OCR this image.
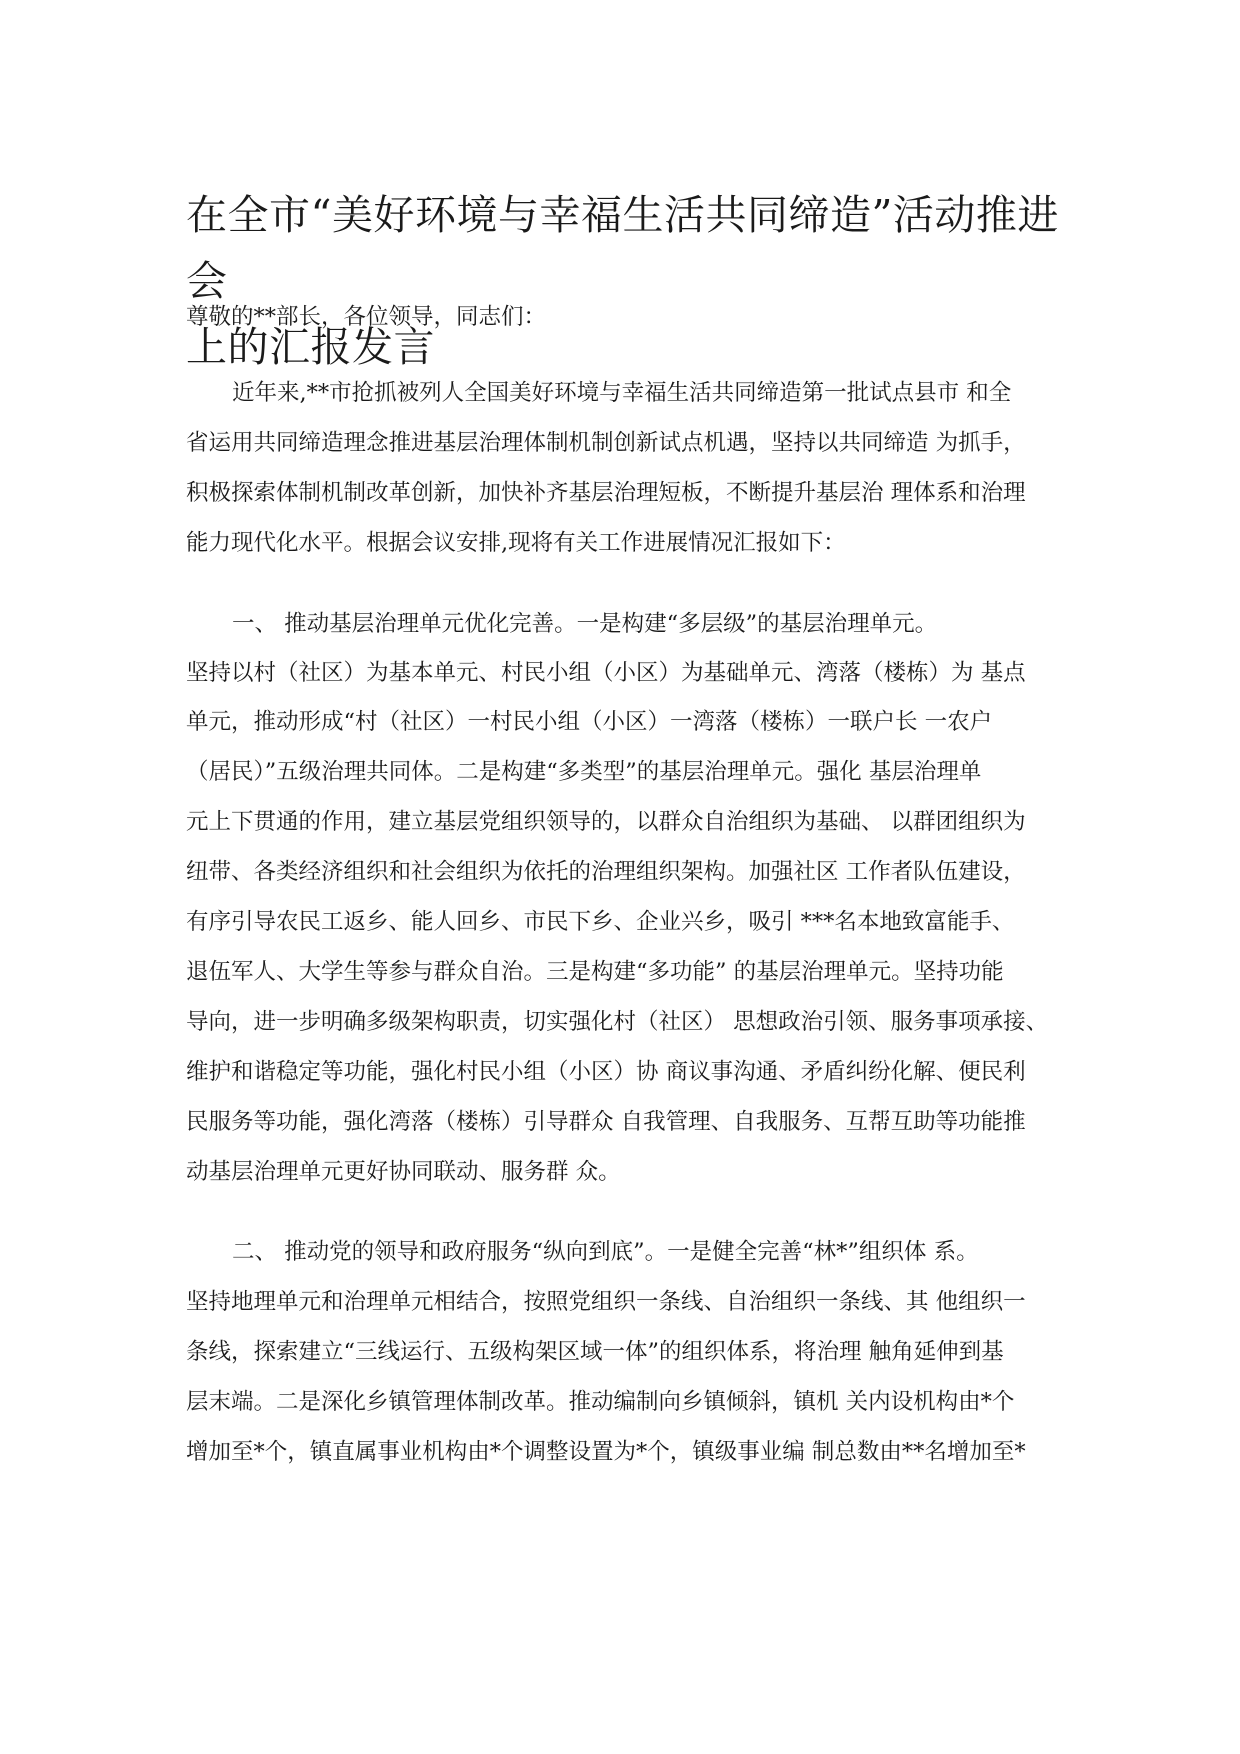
在全市“美好环境与幸福生活共同缔造”活动推进会
上的汇报发言
尊敬的**部长，各位领导，同志们：
近年来,**市抢抓被列人全国美好环境与幸福生活共同缔造第一批试点县市 和全
省运用共同缔造理念推进基层治理体制机制创新试点机遇，坚持以共同缔造 为抓手，
积极探索体制机制改革创新，加快补齐基层治理短板，不断提升基层治 理体系和治理
能力现代化水平。根据会议安排,现将有关工作进展情况汇报如下：
一、 推动基层治理单元优化完善。一是构建“多层级”的基层治理单元。
坚持以村（社区）为基本单元、村民小组（小区）为基础单元、湾落（楼栋）为 基点
单元，推动形成“村（社区）一村民小组（小区）一湾落（楼栋）一联户长 一农户
（居民）”五级治理共同体。二是构建“多类型”的基层治理单元。强化 基层治理单
元上下贯通的作用，建立基层党组织领导的，以群众自治组织为基础、 以群团组织为
纽带、各类经济组织和社会组织为依托的治理组织架构。加强社区 工作者队伍建设，
有序引导农民工返乡、能人回乡、市民下乡、企业兴乡，吸引 ***名本地致富能手、
退伍军人、大学生等参与群众自治。三是构建“多功能” 的基层治理单元。坚持功能
导向，进一步明确多级架构职责，切实强化村（社区） 思想政治引领、服务事项承接、
维护和谐稳定等功能，强化村民小组（小区）协 商议事沟通、矛盾纠纷化解、便民利
民服务等功能，强化湾落（楼栋）引导群众 自我管理、自我服务、互帮互助等功能推
动基层治理单元更好协同联动、服务群 众。
二、 推动党的领导和政府服务“纵向到底”。一是健全完善“林*”组织体 系。
坚持地理单元和治理单元相结合，按照党组织一条线、自治组织一条线、其 他组织一
条线，探索建立“三线运行、五级构架区域一体”的组织体系，将治理 触角延伸到基
层末端。二是深化乡镇管理体制改革。推动编制向乡镇倾斜，镇机 关内设机构由*个
增加至*个，镇直属事业机构由*个调整设置为*个，镇级事业编 制总数由**名增加至*
